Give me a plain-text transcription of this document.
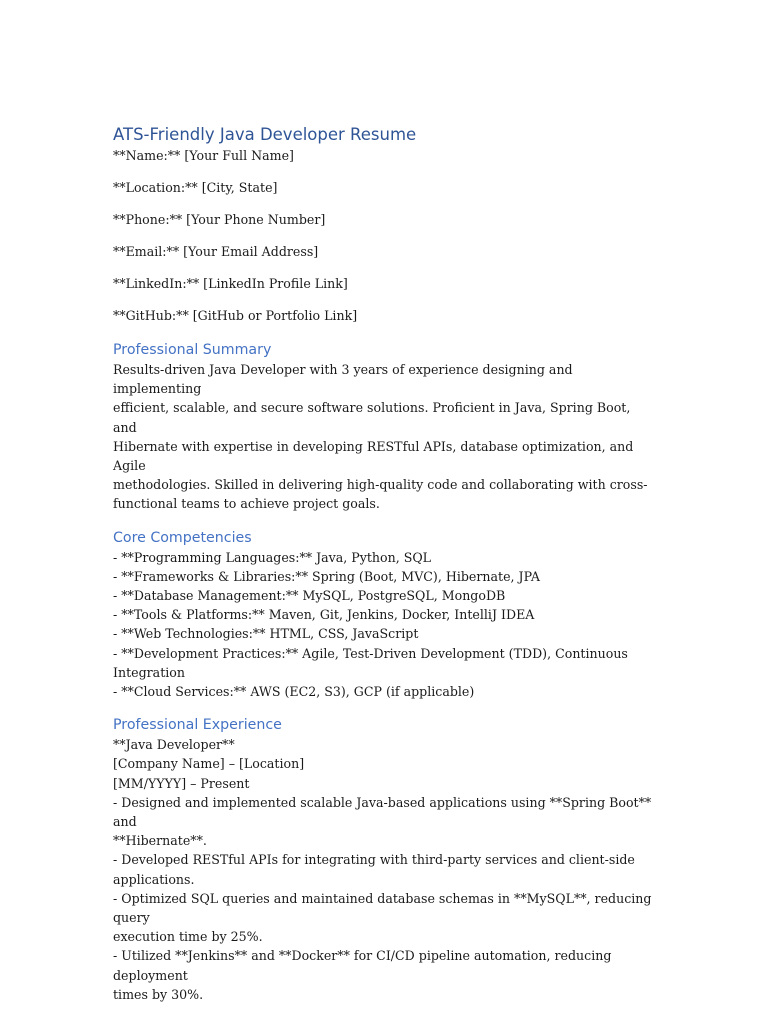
ATS-Friendly Java Developer Resume

**Name:** [Your Full Name]

**Location:** [City, State]

**Phone:** [Your Phone Number]

**Email:** [Your Email Address]

**LinkedIn:** [LinkedIn Profile Link]

**GitHub:** [GitHub or Portfolio Link]

Professional Summary

Results-driven Java Developer with 3 years of experience designing and implementing

efficient, scalable, and secure software solutions. Proficient in Java, Spring Boot, and

Hibernate with expertise in developing RESTful APIs, database optimization, and Agile

methodologies. Skilled in delivering high-quality code and collaborating with cross-

functional teams to achieve project goals.

Core Competencies

- **Programming Languages:** Java, Python, SQL

- **Frameworks & Libraries:** Spring (Boot, MVC), Hibernate, JPA

- **Database Management:** MySQL, PostgreSQL, MongoDB

- **Tools & Platforms:** Maven, Git, Jenkins, Docker, IntelliJ IDEA

- **Web Technologies:** HTML, CSS, JavaScript

- **Development Practices:** Agile, Test-Driven Development (TDD), Continuous

Integration

- **Cloud Services:** AWS (EC2, S3), GCP (if applicable)

Professional Experience

**Java Developer**

[Company Name] – [Location]

[MM/YYYY] – Present

- Designed and implemented scalable Java-based applications using **Spring Boot** and

**Hibernate**.

- Developed RESTful APIs for integrating with third-party services and client-side

applications.

- Optimized SQL queries and maintained database schemas in **MySQL**, reducing query

execution time by 25%.

- Utilized **Jenkins** and **Docker** for CI/CD pipeline automation, reducing deployment

times by 30%.
